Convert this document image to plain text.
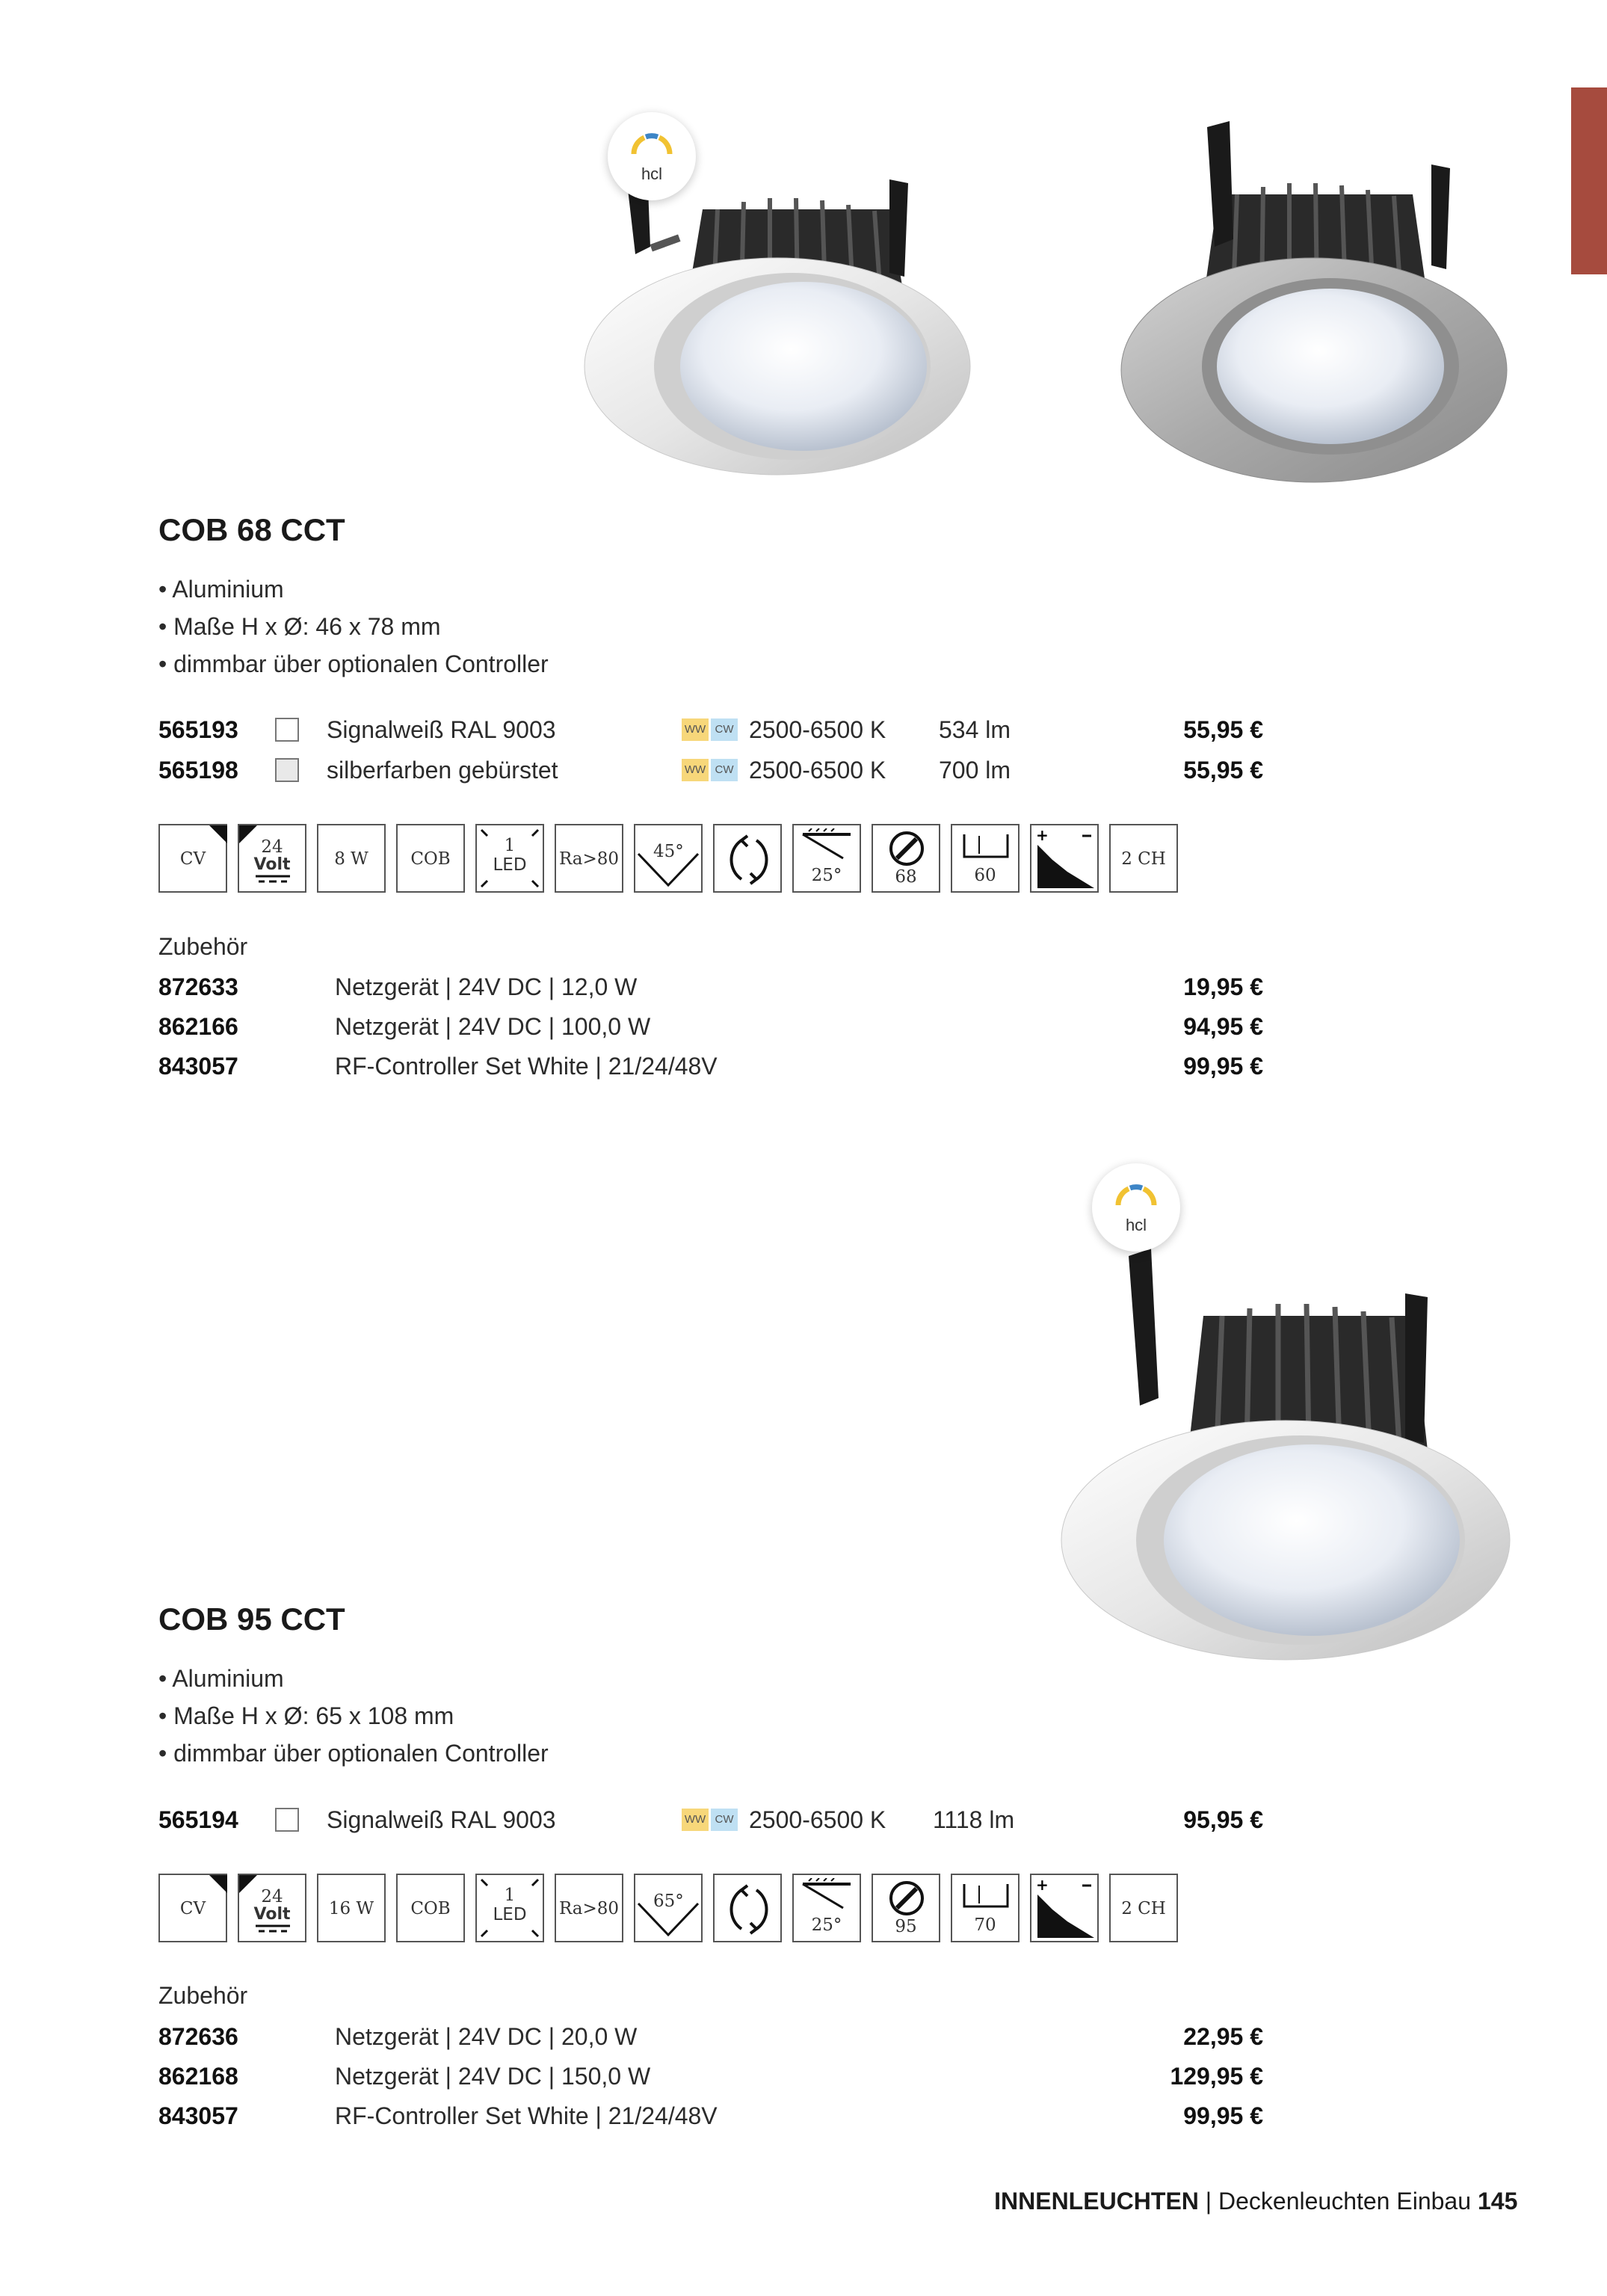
hcl
COB 68 CCT
• Aluminium
• Maße H x Ø: 46 x 78 mm
• dimmbar über optionalen Controller
565193	Signalweiß RAL 9003	WW CW 2500-6500 K 534 lm	55,95 €
565198	silberfarben gebürstet	WW CW 2500-6500 K 700 lm	55,95 €
CV
24
Volt	8 W	COB
1
LED	Ra>80 45°
25°	68	60
+
2 CH
Zubehör
872633	Netzgerät | 24V DC | 12,0 W	19,95 €
862166	Netzgerät | 24V DC | 100,0 W	94,95 €
843057	RF-Controller Set White | 21/24/48V	99,95 €
hcl
COB 95 CCT
• Aluminium
• Maße H x Ø: 65 x 108 mm
• dimmbar über optionalen Controller
565194	Signalweiß RAL 9003	WW CW 2500-6500 K 1118 lm	95,95 €
CV
24
Volt	16 W	COB
1
LED	Ra>80 65°
25°	95	70
+
2 CH
Zubehör
872636	Netzgerät | 24V DC | 20,0 W	22,95 €
862168	Netzgerät | 24V DC | 150,0 W	129,95 €
843057	RF-Controller Set White | 21/24/48V	99,95 €
INNENLEUCHTEN | Deckenleuchten Einbau 145
